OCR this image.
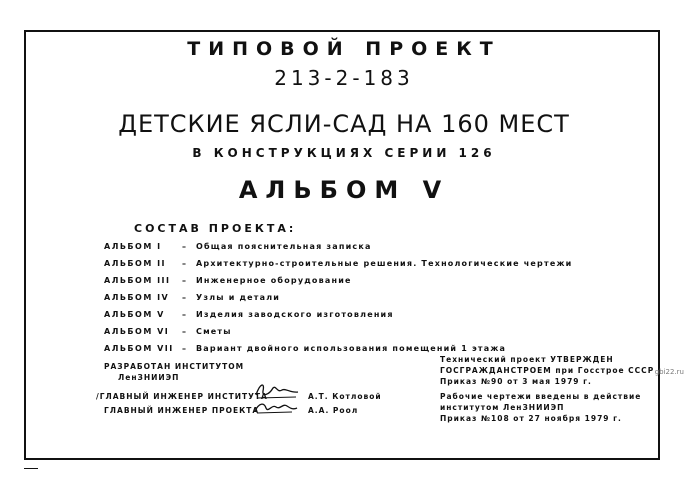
ТИПОВОЙ ПРОЕКТ
213-2-183
ДЕТСКИЕ ЯСЛИ-САД НА 160 МЕСТ
В КОНСТРУКЦИЯХ СЕРИИ 126
АЛЬБОМ V
СОСТАВ ПРОЕКТА:
АЛЬБОМ I	– Общая пояснительная записка
АЛЬБОМ II – Архитектурно-строительные решения. Технологические чертежи
АЛЬБОМ III – Инженерное оборудование
АЛЬБОМ IV – Узлы и детали
АЛЬБОМ V – Изделия заводского изготовления
АЛЬБОМ VI – Сметы
АЛЬБОМ VII – Вариант двойного использования помещений 1 этажа
РАЗРАБОТАН ИНСТИТУТОМ
ЛенЗНИИЭП
/ГЛАВНЫЙ ИНЖЕНЕР ИНСТИТУТА	А.Т. Котловой
ГЛАВНЫЙ ИНЖЕНЕР ПРОЕКТА	А.А. Роол
Технический проект УТВЕРЖДЕН
ГОСГРАЖДАНСТРОЕМ при Госстрое СССР
Приказ №90 от 3 мая 1979 г.
Рабочие чертежи введены в действие
институтом ЛенЗНИИЭП
Приказ №108 от 27 ноября 1979 г.
gbi22.ru
